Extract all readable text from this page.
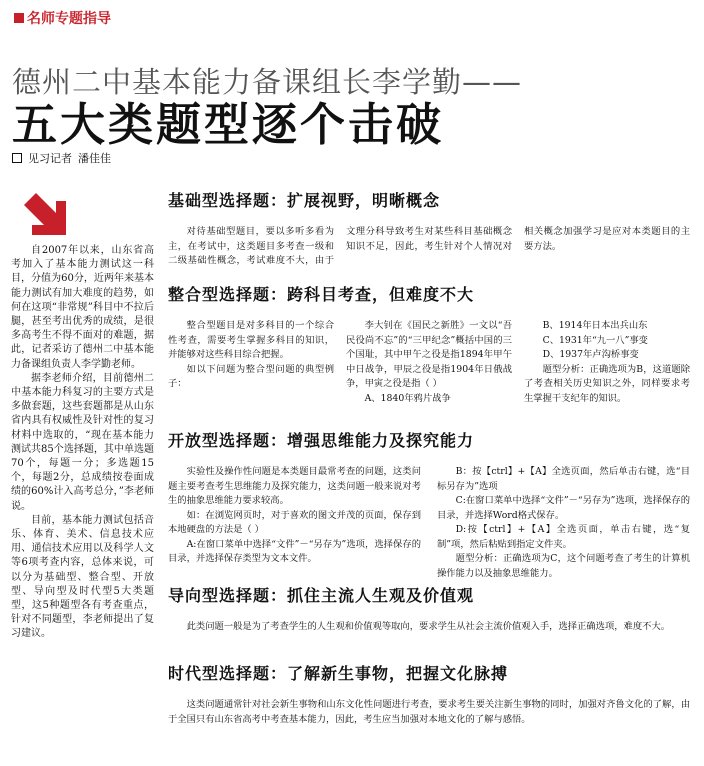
名师专题指导
德州二中基本能力备课组长李学勤——
五大类题型逐个击破
见习记者 潘佳佳

自2007年以来，山东省高考加入了基本能力测试这一科目，分值为60分，近两年来基本能力测试有加大难度的趋势，如何在这项“非常规”科目中不拉后腿，甚至考出优秀的成绩，是很多高考生不得不面对的难题，据此，记者采访了德州二中基本能力备课组负责人李学勤老师。

据李老师介绍，目前德州二中基本能力科复习的主要方式是多做套题，这些套题都是从山东省内具有权威性及针对性的复习材料中选取的，“现在基本能力测试共85个选择题，其中单选题70个，每题一分；多选题15个，每题2分，总成绩按卷面成绩的60%计入高考总分，”李老师说。

目前，基本能力测试包括音乐、体育、美术、信息技术应用、通信技术应用以及科学人文等6项考查内容，总体来说，可以分为基础型、整合型、开放型、导向型及时代型5大类题型，这5种题型各有考查重点，针对不同题型，李老师提出了复习建议。

基础型选择题：扩展视野，明晰概念

对待基础型题目，要以多听多看为主，在考试中，这类题目多考查一级和二级基础性概念，考试难度不大，由于文理分科导致考生对某些科目基础概念知识不足，因此，考生针对个人情况对相关概念加强学习是应对本类题目的主要方法。

整合型选择题：跨科目考查，但难度不大

整合型题目是对多科目的一个综合性考查，需要考生掌握多科目的知识，并能够对这些科目综合把握。

如以下问题为整合型问题的典型例子：

李大钊在《国民之新胜》一文以“吾民役尚不忘”的“三甲纪念”概括中国的三个国耻，其中甲午之役是指1894年甲午中日战争，甲辰之役是指1904年日俄战争，甲寅之役是指（ ）

A、1840年鸦片战争

B、1914年日本出兵山东

C、1931年“九一八”事变

D、1937年卢沟桥事变

题型分析：正确选项为B，这道题除了考查相关历史知识之外，同样要求考生掌握干支纪年的知识。

开放型选择题：增强思维能力及探究能力

实验性及操作性问题是本类题目最常考查的问题，这类问题主要考查考生思维能力及探究能力，这类问题一般来说对考生的抽象思维能力要求较高。

如：在浏览网页时，对于喜欢的图文并茂的页面，保存到本地硬盘的方法是（ ）

A:在窗口菜单中选择“文件”－“另存为”选项，选择保存的目录，并选择保存类型为文本文件。

B：按【ctrl】+【A】全选页面，然后单击右键，选“目标另存为”选项

C:在窗口菜单中选择“文件”－“另存为”选项，选择保存的目录，并选择Word格式保存。

D:按【ctrl】+【A】全选页面，单击右键，选“复制”项，然后粘贴到指定文件夹。

题型分析：正确选项为C，这个问题考查了考生的计算机操作能力以及抽象思维能力。

导向型选择题：抓住主流人生观及价值观

此类问题一般是为了考查学生的人生观和价值观等取向，要求学生从社会主流价值观入手，选择正确选项，难度不大。

时代型选择题：了解新生事物，把握文化脉搏

这类问题通常针对社会新生事物和山东文化性问题进行考查，要求考生要关注新生事物的同时，加强对齐鲁文化的了解，由于全国只有山东省高考中考查基本能力，因此，考生应当加强对本地文化的了解与感悟。
